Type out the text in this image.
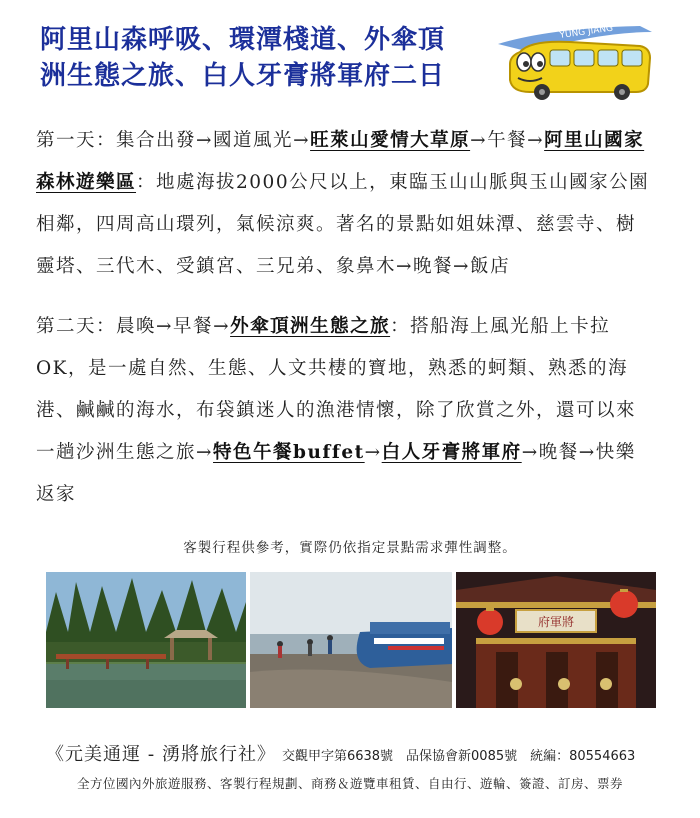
阿里山森呼吸、環潭棧道、外傘頂
洲生態之旅、白人牙膏將軍府二日
YUNG JIANG
第一天：集合出發→國道風光→旺萊山愛情大草原→午餐→阿里山國家森林遊樂區：地處海拔2000公尺以上，東臨玉山山脈與玉山國家公園相鄰，四周高山環列，氣候涼爽。著名的景點如姐妹潭、慈雲寺、樹靈塔、三代木、受鎮宮、三兄弟、象鼻木→晚餐→飯店
第二天：晨喚→早餐→外傘頂洲生態之旅：搭船海上風光船上卡拉OK，是一處自然、生態、人文共棲的寶地，熟悉的蚵類、熟悉的海港、鹹鹹的海水，布袋鎮迷人的漁港情懷，除了欣賞之外，還可以來一趟沙洲生態之旅→特色午餐buffet→白人牙膏將軍府→晚餐→快樂返家
客製行程供參考，實際仍依指定景點需求彈性調整。
府軍將
《元美通運 - 湧將旅行社》 交觀甲字第6638號　品保協會新0085號　統編：80554663
全方位國內外旅遊服務、客製行程規劃、商務＆遊覽車租賃、自由行、遊輪、簽證、訂房、票券
